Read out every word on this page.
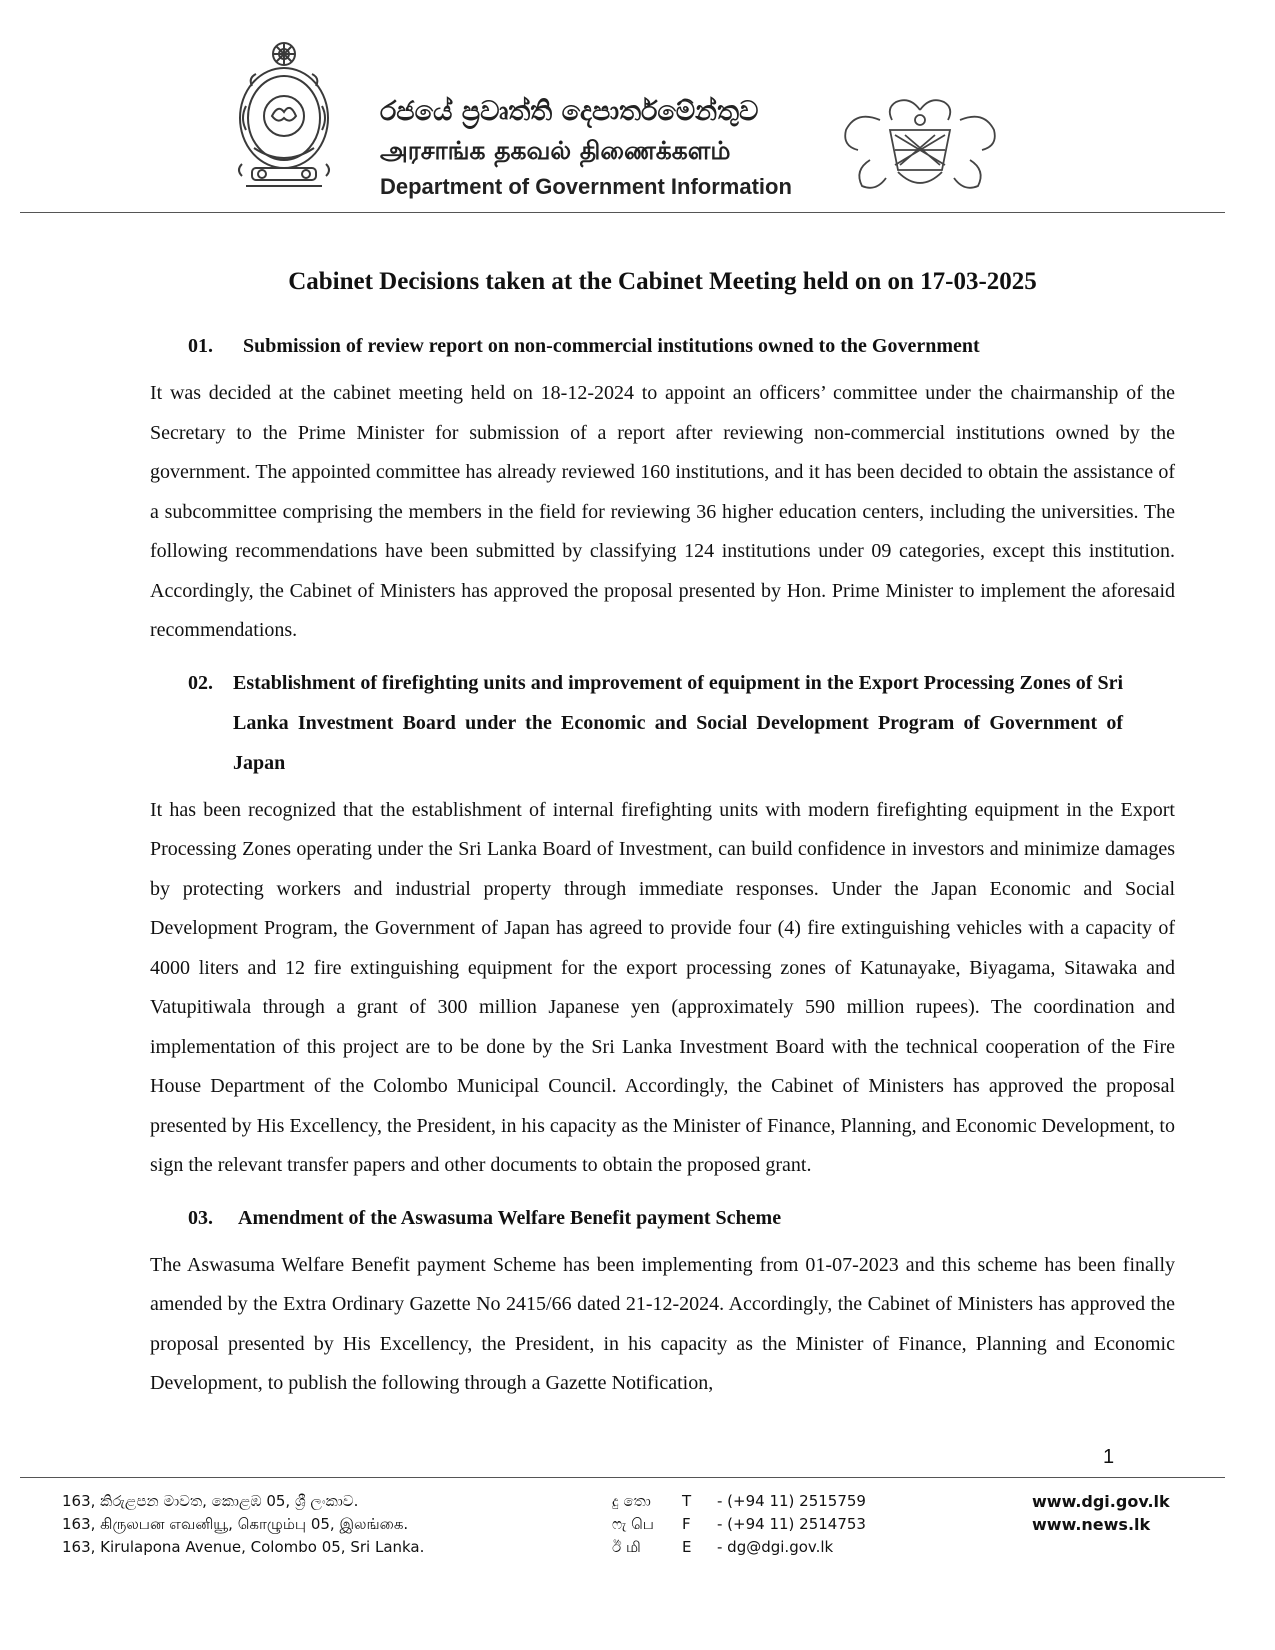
රජයේ ප්‍රවෘත්ති දෙපාර්තමේන්තුව
அரசாங்க தகவல் திணைக்களம்
Department of Government Information
Cabinet Decisions taken at the Cabinet Meeting held on on 17-03-2025
01.	Submission of review report on non-commercial institutions owned to the Government

It was decided at the cabinet meeting held on 18-12-2024 to appoint an officers’ committee under the chairmanship of the Secretary to the Prime Minister for submission of a report after reviewing non-commercial institutions owned by the government. The appointed committee has already reviewed 160 institutions, and it has been decided to obtain the assistance of a subcommittee comprising the members in the field for reviewing 36 higher education centers, including the universities. The following recommendations have been submitted by classifying 124 institutions under 09 categories, except this institution. Accordingly, the Cabinet of Ministers has approved the proposal presented by Hon. Prime Minister to implement the aforesaid recommendations.

02.	Establishment of firefighting units and improvement of equipment in the Export Processing Zones of Sri Lanka Investment Board under the Economic and Social Development Program of Government of Japan

It has been recognized that the establishment of internal firefighting units with modern firefighting equipment in the Export Processing Zones operating under the Sri Lanka Board of Investment, can build confidence in investors and minimize damages by protecting workers and industrial property through immediate responses. Under the Japan Economic and Social Development Program, the Government of Japan has agreed to provide four (4) fire extinguishing vehicles with a capacity of 4000 liters and 12 fire extinguishing equipment for the export processing zones of Katunayake, Biyagama, Sitawaka and Vatupitiwala through a grant of 300 million Japanese yen (approximately 590 million rupees). The coordination and implementation of this project are to be done by the Sri Lanka Investment Board with the technical cooperation of the Fire House Department of the Colombo Municipal Council. Accordingly, the Cabinet of Ministers has approved the proposal presented by His Excellency, the President, in his capacity as the Minister of Finance, Planning, and Economic Development, to sign the relevant transfer papers and other documents to obtain the proposed grant.

03.	Amendment of the Aswasuma Welfare Benefit payment Scheme

The Aswasuma Welfare Benefit payment Scheme has been implementing from 01-07-2023 and this scheme has been finally amended by the Extra Ordinary Gazette No 2415/66 dated 21-12-2024. Accordingly, the Cabinet of Ministers has approved the proposal presented by His Excellency, the President, in his capacity as the Minister of Finance, Planning and Economic Development, to publish the following through a Gazette Notification,

1
163, කිරුළපන මාවත, කොළඹ 05, ශ්‍රී ලංකාව.
163, கிருலபன எவனியூ, கொழும்பு 05, இலங்கை.
163, Kirulapona Avenue, Colombo 05, Sri Lanka.
දු තො T - (+94 11) 2515759
ෆැ பெ F - (+94 11) 2514753
ඊ மி	E - dg@dgi.gov.lk
www.dgi.gov.lk
www.news.lk
